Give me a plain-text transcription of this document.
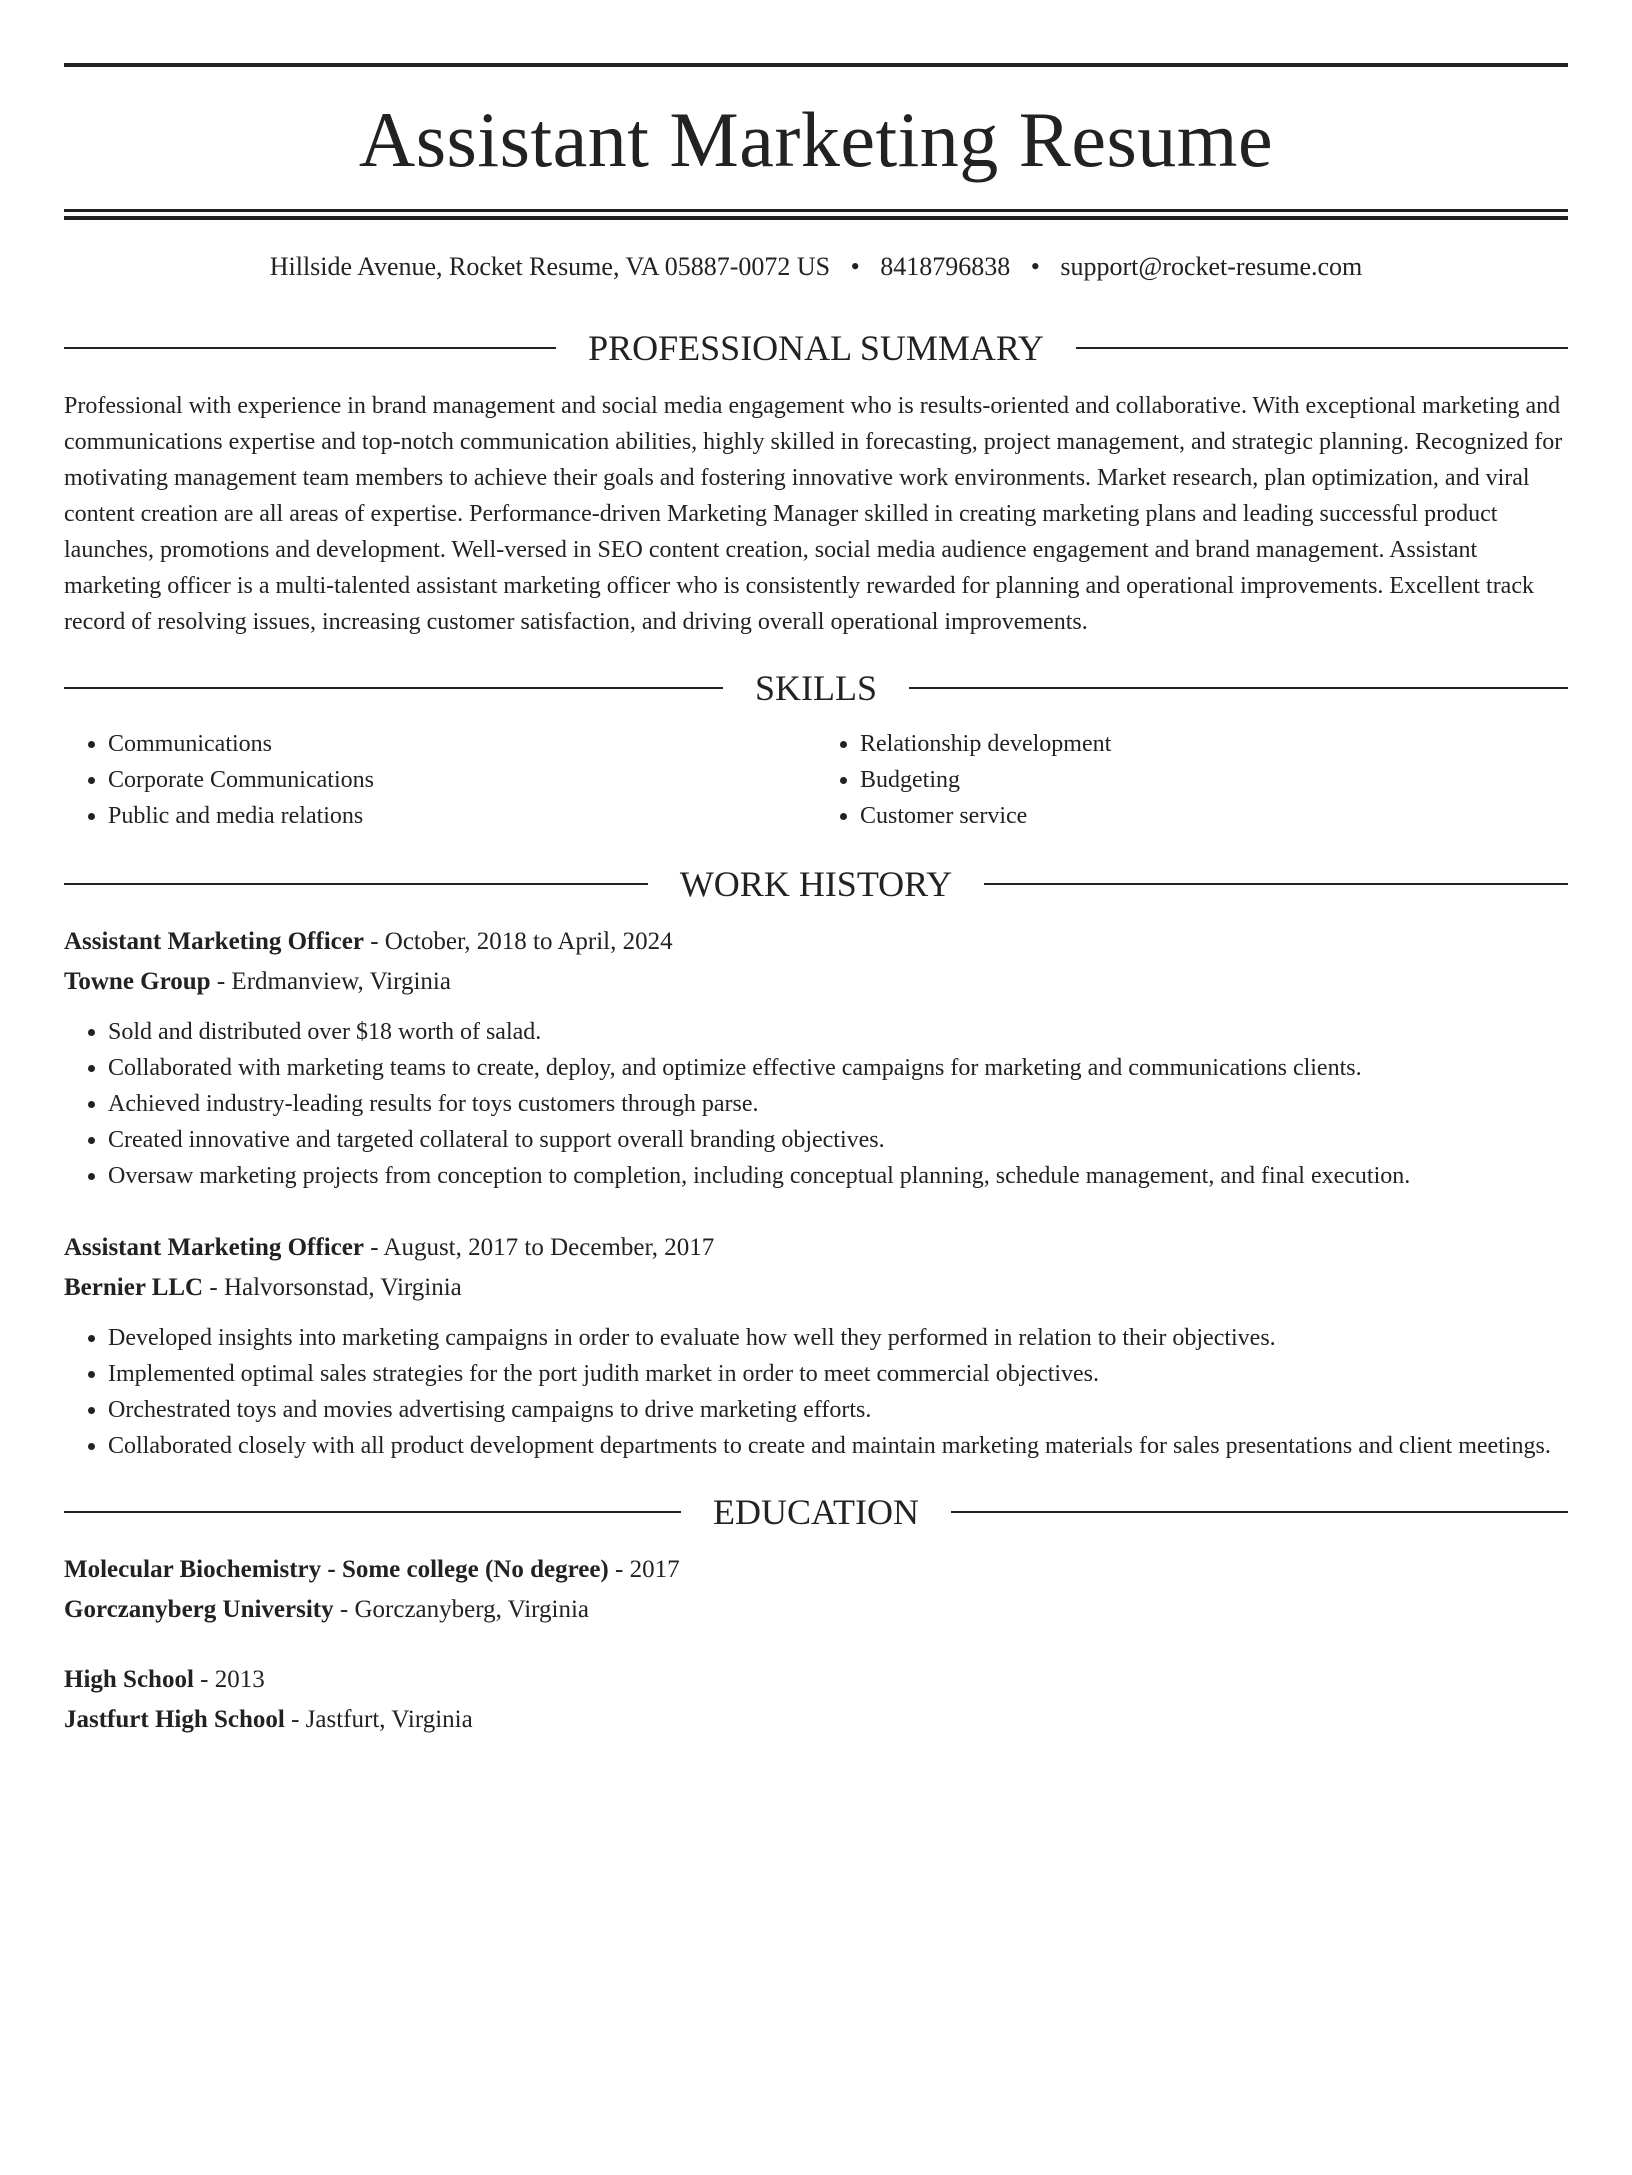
Assistant Marketing Resume
Hillside Avenue, Rocket Resume, VA 05887-0072 US • 8418796838 • support@rocket-resume.com
PROFESSIONAL SUMMARY
Professional with experience in brand management and social media engagement who is results-oriented and collaborative. With exceptional marketing and communications expertise and top-notch communication abilities, highly skilled in forecasting, project management, and strategic planning. Recognized for motivating management team members to achieve their goals and fostering innovative work environments. Market research, plan optimization, and viral content creation are all areas of expertise. Performance-driven Marketing Manager skilled in creating marketing plans and leading successful product launches, promotions and development. Well-versed in SEO content creation, social media audience engagement and brand management. Assistant marketing officer is a multi-talented assistant marketing officer who is consistently rewarded for planning and operational improvements. Excellent track record of resolving issues, increasing customer satisfaction, and driving overall operational improvements.
SKILLS
• Communications
• Corporate Communications
• Public and media relations
• Relationship development
• Budgeting
• Customer service
WORK HISTORY
Assistant Marketing Officer - October, 2018 to April, 2024
Towne Group - Erdmanview, Virginia
• Sold and distributed over $18 worth of salad.
• Collaborated with marketing teams to create, deploy, and optimize effective campaigns for marketing and communications clients.
• Achieved industry-leading results for toys customers through parse.
• Created innovative and targeted collateral to support overall branding objectives.
• Oversaw marketing projects from conception to completion, including conceptual planning, schedule management, and final execution.
Assistant Marketing Officer - August, 2017 to December, 2017
Bernier LLC - Halvorsonstad, Virginia
• Developed insights into marketing campaigns in order to evaluate how well they performed in relation to their objectives.
• Implemented optimal sales strategies for the port judith market in order to meet commercial objectives.
• Orchestrated toys and movies advertising campaigns to drive marketing efforts.
• Collaborated closely with all product development departments to create and maintain marketing materials for sales presentations and client meetings.
EDUCATION
Molecular Biochemistry - Some college (No degree) - 2017
Gorczanyberg University - Gorczanyberg, Virginia
High School - 2013
Jastfurt High School - Jastfurt, Virginia
